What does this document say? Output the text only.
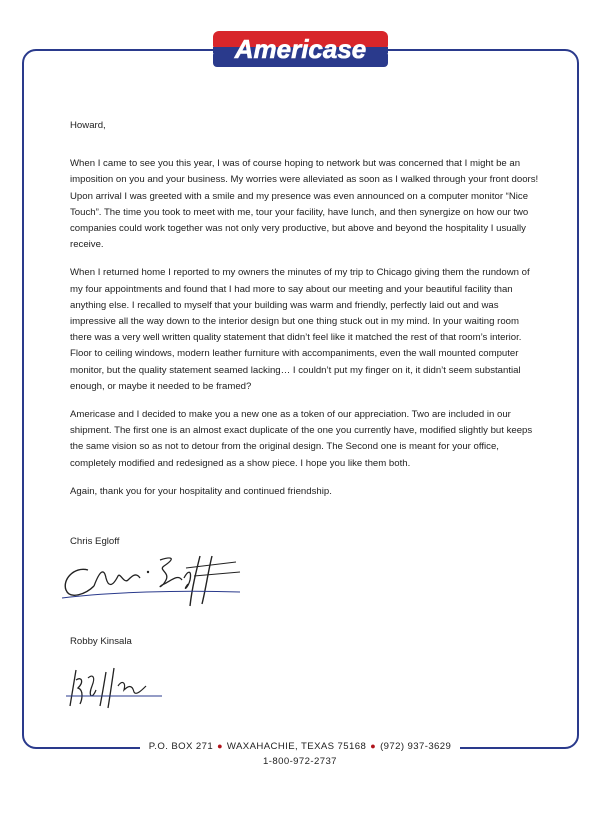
Americase

Howard,

When I came to see you this year, I was of course hoping to network but was concerned that I might be an imposition on you and your business. My worries were alleviated as soon as I walked through your front doors! Upon arrival I was greeted with a smile and my presence was even announced on a computer monitor “Nice Touch”. The time you took to meet with me, tour your facility, have lunch, and then synergize on how our two companies could work together was not only very productive, but above and beyond the hospitality I usually receive.

When I returned home I reported to my owners the minutes of my trip to Chicago giving them the rundown of my four appointments and found that I had more to say about our meeting and your beautiful facility than anything else. I recalled to myself that your building was warm and friendly, perfectly laid out and was impressive all the way down to the interior design but one thing stuck out in my mind. In your waiting room there was a very well written quality statement that didn’t feel like it matched the rest of that room’s interior. Floor to ceiling windows, modern leather furniture with accompaniments, even the wall mounted computer monitor, but the quality statement seamed lacking… I couldn’t put my finger on it, it didn’t seem substantial enough, or maybe it needed to be framed?

Americase and I decided to make you a new one as a token of our appreciation. Two are included in our shipment. The first one is an almost exact duplicate of the one you currently have, modified slightly but keeps the same vision so as not to detour from the original design. The Second one is meant for your office, completely modified and redesigned as a show piece. I hope you like them both.

Again, thank you for your hospitality and continued friendship.

Chris Egloff
Robby Kinsala
P.O. BOX 271 ● WAXAHACHIE, TEXAS 75168 ● (972) 937-3629
1-800-972-2737
